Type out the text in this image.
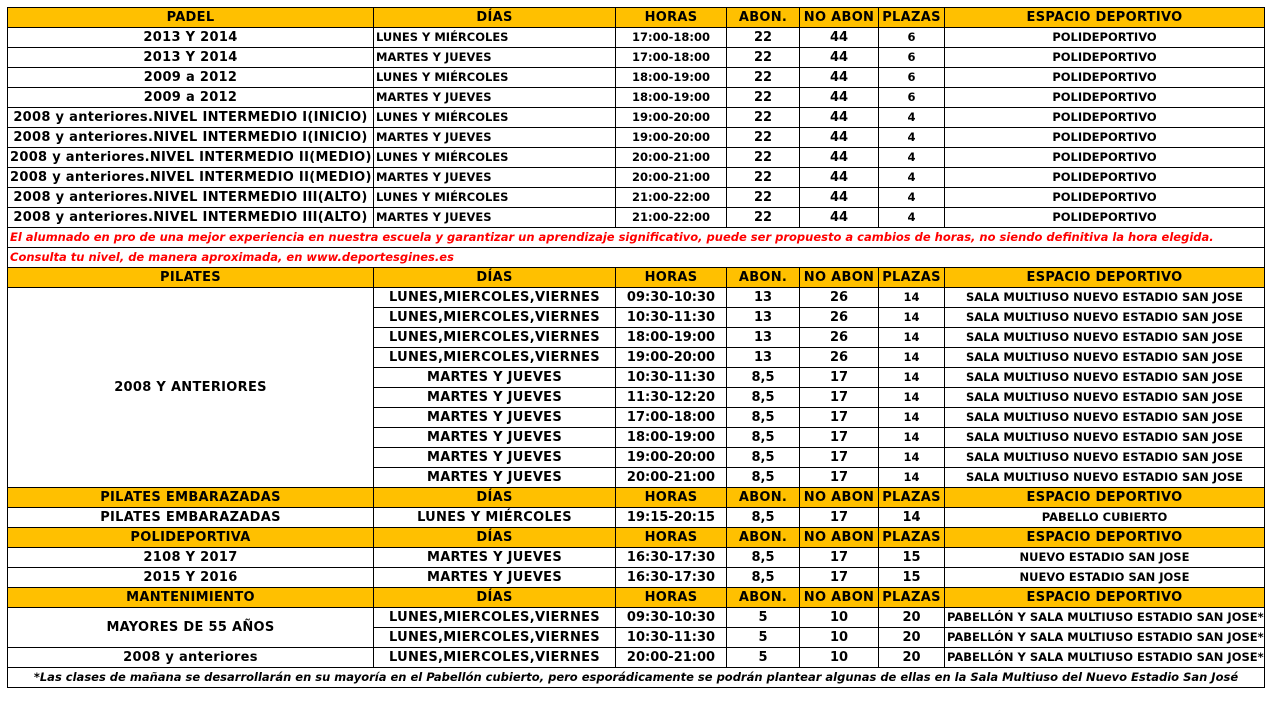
PADEL	DÍAS	HORAS	ABON.	NO ABON	PLAZAS	ESPACIO DEPORTIVO
2013 Y 2014	LUNES Y MIÉRCOLES	17:00-18:00	22	44	6	POLIDEPORTIVO
2013 Y 2014	MARTES Y JUEVES	17:00-18:00	22	44	6	POLIDEPORTIVO
2009 a 2012	LUNES Y MIÉRCOLES	18:00-19:00	22	44	6	POLIDEPORTIVO
2009 a 2012	MARTES Y JUEVES	18:00-19:00	22	44	6	POLIDEPORTIVO
2008 y anteriores.NIVEL INTERMEDIO I(INICIO)	LUNES Y MIÉRCOLES	19:00-20:00	22	44	4	POLIDEPORTIVO
2008 y anteriores.NIVEL INTERMEDIO I(INICIO)	MARTES Y JUEVES	19:00-20:00	22	44	4	POLIDEPORTIVO
2008 y anteriores.NIVEL INTERMEDIO II(MEDIO)	LUNES Y MIÉRCOLES	20:00-21:00	22	44	4	POLIDEPORTIVO
2008 y anteriores.NIVEL INTERMEDIO II(MEDIO)	MARTES Y JUEVES	20:00-21:00	22	44	4	POLIDEPORTIVO
2008 y anteriores.NIVEL INTERMEDIO III(ALTO)	LUNES Y MIÉRCOLES	21:00-22:00	22	44	4	POLIDEPORTIVO
2008 y anteriores.NIVEL INTERMEDIO III(ALTO)	MARTES Y JUEVES	21:00-22:00	22	44	4	POLIDEPORTIVO
El alumnado en pro de una mejor experiencia en nuestra escuela y garantizar un aprendizaje significativo, puede ser propuesto a cambios de horas, no siendo definitiva la hora elegida.						
Consulta tu nivel, de manera aproximada, en www.deportesgines.es						
PILATES	DÍAS	HORAS	ABON.	NO ABON	PLAZAS	ESPACIO DEPORTIVO
2008 Y ANTERIORES	LUNES,MIERCOLES,VIERNES	09:30-10:30	13	26	14	SALA MULTIUSO NUEVO ESTADIO SAN JOSE
	LUNES,MIERCOLES,VIERNES	10:30-11:30	13	26	14	SALA MULTIUSO NUEVO ESTADIO SAN JOSE
	LUNES,MIERCOLES,VIERNES	18:00-19:00	13	26	14	SALA MULTIUSO NUEVO ESTADIO SAN JOSE
	LUNES,MIERCOLES,VIERNES	19:00-20:00	13	26	14	SALA MULTIUSO NUEVO ESTADIO SAN JOSE
	MARTES Y JUEVES	10:30-11:30	8,5	17	14	SALA MULTIUSO NUEVO ESTADIO SAN JOSE
	MARTES Y JUEVES	11:30-12:20	8,5	17	14	SALA MULTIUSO NUEVO ESTADIO SAN JOSE
	MARTES Y JUEVES	17:00-18:00	8,5	17	14	SALA MULTIUSO NUEVO ESTADIO SAN JOSE
	MARTES Y JUEVES	18:00-19:00	8,5	17	14	SALA MULTIUSO NUEVO ESTADIO SAN JOSE
	MARTES Y JUEVES	19:00-20:00	8,5	17	14	SALA MULTIUSO NUEVO ESTADIO SAN JOSE
	MARTES Y JUEVES	20:00-21:00	8,5	17	14	SALA MULTIUSO NUEVO ESTADIO SAN JOSE
PILATES EMBARAZADAS	DÍAS	HORAS	ABON.	NO ABON	PLAZAS	ESPACIO DEPORTIVO
PILATES EMBARAZADAS	LUNES Y MIÉRCOLES	19:15-20:15	8,5	17	14	PABELLO CUBIERTO
POLIDEPORTIVA	DÍAS	HORAS	ABON.	NO ABON	PLAZAS	ESPACIO DEPORTIVO
2108 Y 2017	MARTES Y JUEVES	16:30-17:30	8,5	17	15	NUEVO ESTADIO SAN JOSE
2015 Y 2016	MARTES Y JUEVES	16:30-17:30	8,5	17	15	NUEVO ESTADIO SAN JOSE
MANTENIMIENTO	DÍAS	HORAS	ABON.	NO ABON	PLAZAS	ESPACIO DEPORTIVO
MAYORES DE 55 AÑOS	LUNES,MIERCOLES,VIERNES	09:30-10:30	5	10	20	PABELLÓN Y SALA MULTIUSO ESTADIO SAN JOSE*
	LUNES,MIERCOLES,VIERNES	10:30-11:30	5	10	20	PABELLÓN Y SALA MULTIUSO ESTADIO SAN JOSE*
2008 y anteriores	LUNES,MIERCOLES,VIERNES	20:00-21:00	5	10	20	PABELLÓN Y SALA MULTIUSO ESTADIO SAN JOSE*
*Las clases de mañana se desarrollarán en su mayoría en el Pabellón cubierto, pero esporádicamente se podrán plantear algunas de ellas en la Sala Multiuso del Nuevo Estadio San José						
